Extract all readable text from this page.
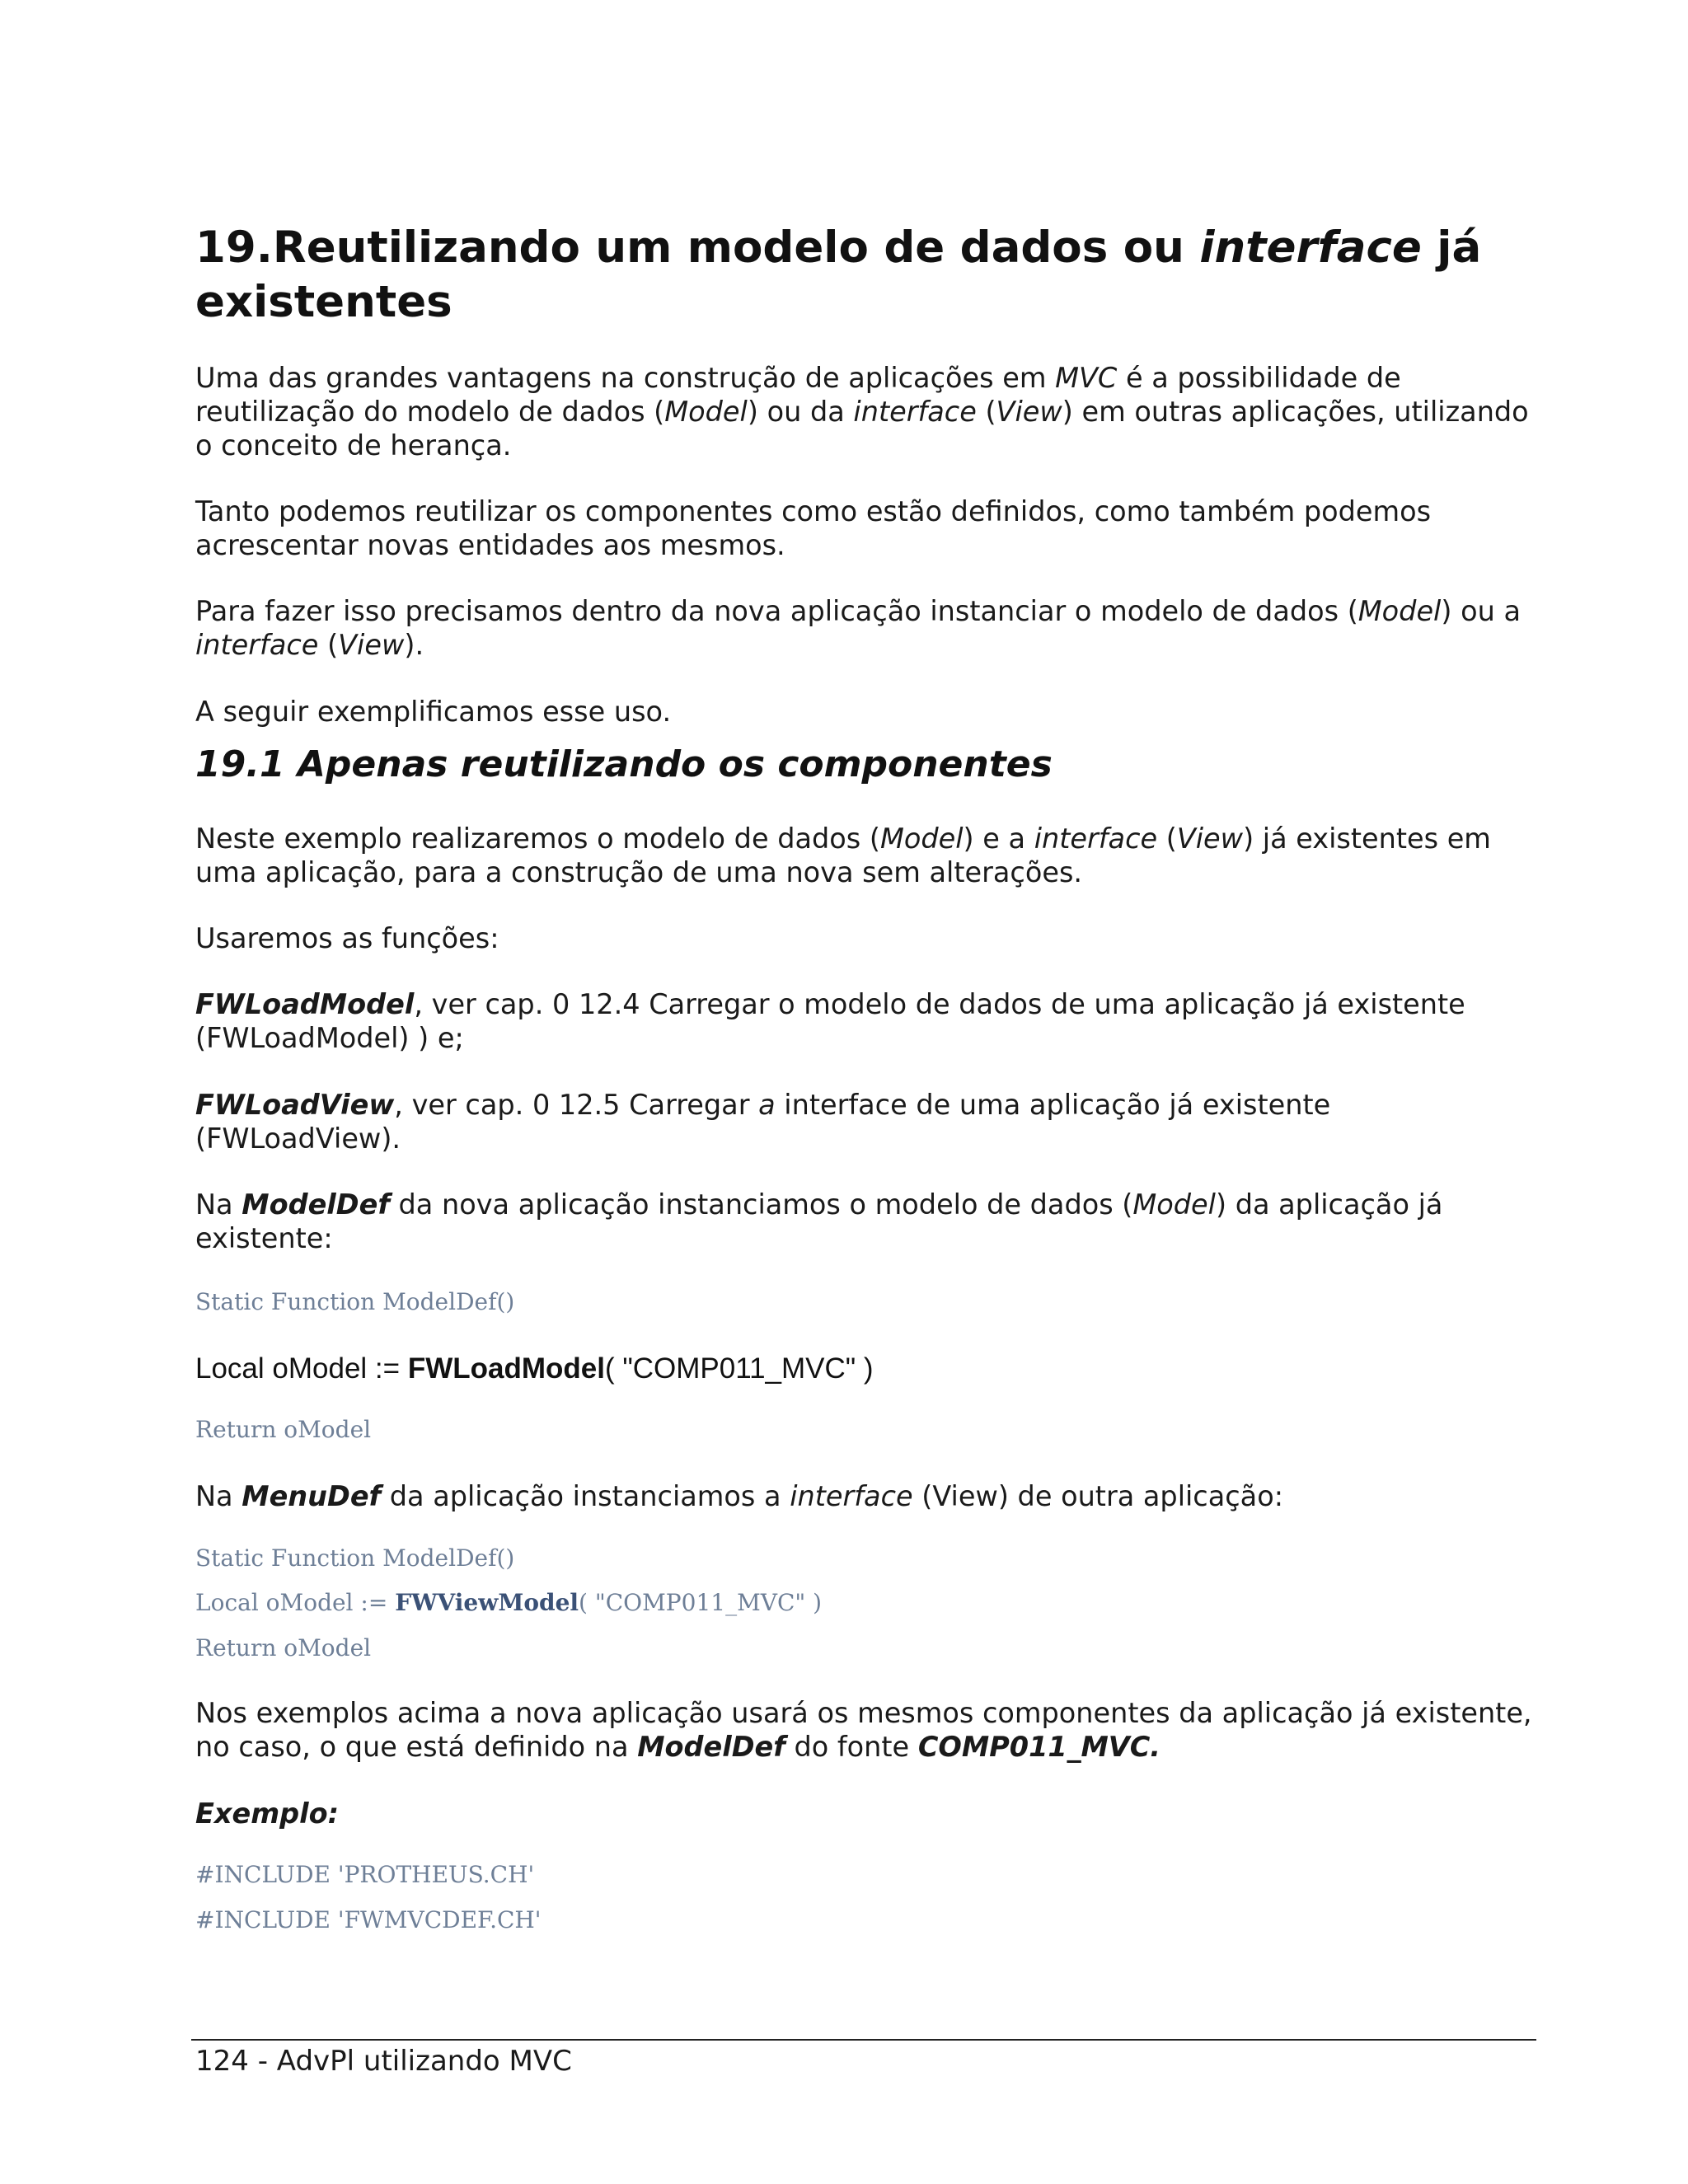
19.Reutilizando um modelo de dados ou interface já existentes

Uma das grandes vantagens na construção de aplicações em MVC é a possibilidade de reutilização do modelo de dados (Model) ou da interface (View) em outras aplicações, utilizando o conceito de herança.

Tanto podemos reutilizar os componentes como estão definidos, como também podemos acrescentar novas entidades aos mesmos.

Para fazer isso precisamos dentro da nova aplicação instanciar o modelo de dados (Model) ou a interface (View).

A seguir exemplificamos esse uso.

19.1 Apenas reutilizando os componentes

Neste exemplo realizaremos o modelo de dados (Model) e a interface (View) já existentes em uma aplicação, para a construção de uma nova sem alterações.

Usaremos as funções:

FWLoadModel, ver cap. 0 12.4 Carregar o modelo de dados de uma aplicação já existente (FWLoadModel) ) e;

FWLoadView, ver cap. 0 12.5 Carregar a interface de uma aplicação já existente (FWLoadView).

Na ModelDef da nova aplicação instanciamos o modelo de dados (Model) da aplicação já existente:

Static Function ModelDef()

Local oModel := FWLoadModel( "COMP011_MVC" )

Return oModel

Na MenuDef da aplicação instanciamos a interface (View) de outra aplicação:

Static Function ModelDef()
Local oModel := FWViewModel( "COMP011_MVC" )
Return oModel

Nos exemplos acima a nova aplicação usará os mesmos componentes da aplicação já existente, no caso, o que está definido na ModelDef do fonte COMP011_MVC.

Exemplo:

#INCLUDE 'PROTHEUS.CH'
#INCLUDE 'FWMVCDEF.CH'

124 - AdvPl utilizando MVC
